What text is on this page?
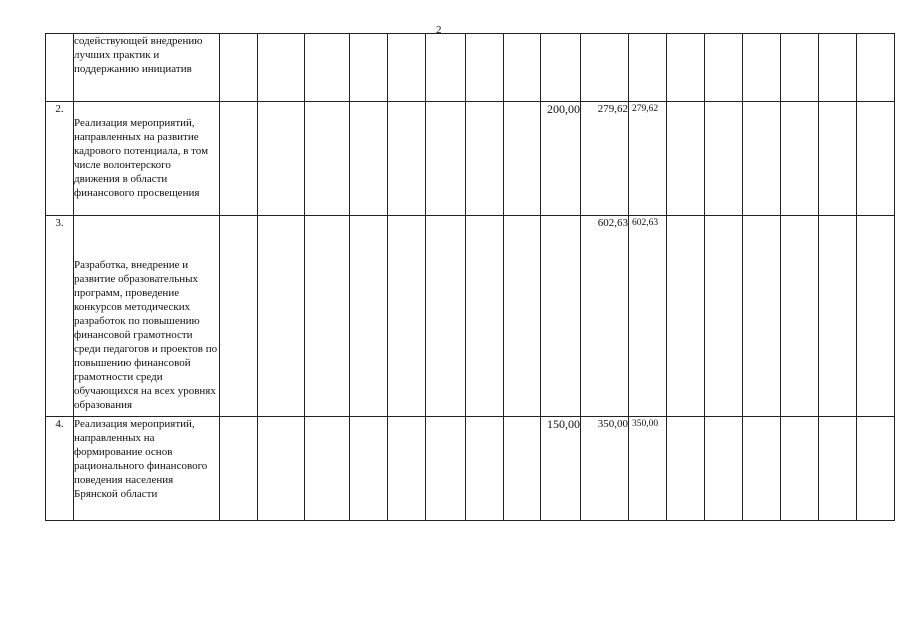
2

	содействующей внедрению лучших практик и поддержанию инициатив																	

2.	Реализация мероприятий, направленных на развитие кадрового потенциала, в том числе волонтерского движения в области финансового просвещения									200,00	279,62	279,62						
3.	Разработка, внедрение и развитие образовательных программ, проведение конкурсов методических разработок по повышению финансовой грамотности среди педагогов и проектов по повышению финансовой грамотности среди обучающихся на всех уровнях образования										602,63	602,63						
4.	Реализация мероприятий, направленных на формирование основ рационального финансового поведения населения Брянской области									150,00	350,00	350,00						
